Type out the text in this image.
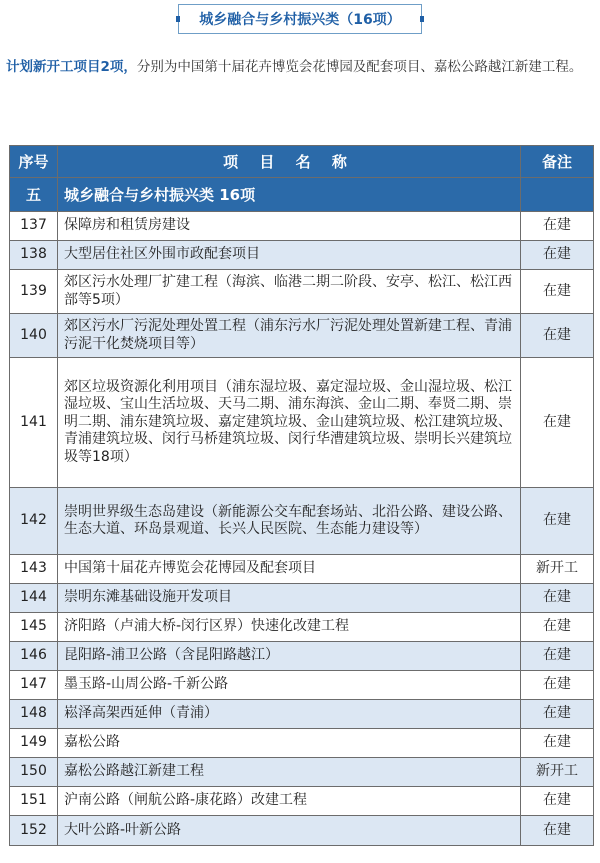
城乡融合与乡村振兴类（16项）
计划新开工项目2项，分别为中国第十届花卉博览会花博园及配套项目、嘉松公路越江新建工程。
序号	项 目 名 称	备注
五	城乡融合与乡村振兴类 16项	
137	保障房和租赁房建设	在建
138	大型居住社区外围市政配套项目	在建
139	郊区污水处理厂扩建工程（海滨、临港二期二阶段、安亭、松江、松江西部等5项）	在建
140	郊区污水厂污泥处理处置工程（浦东污水厂污泥处理处置新建工程、青浦污泥干化焚烧项目等）	在建
141	郊区垃圾资源化利用项目（浦东湿垃圾、嘉定湿垃圾、金山湿垃圾、松江湿垃圾、宝山生活垃圾、天马二期、浦东海滨、金山二期、奉贤二期、崇明二期、浦东建筑垃圾、嘉定建筑垃圾、金山建筑垃圾、松江建筑垃圾、青浦建筑垃圾、闵行马桥建筑垃圾、闵行华漕建筑垃圾、崇明长兴建筑垃圾等18项）	在建
142	崇明世界级生态岛建设（新能源公交车配套场站、北沿公路、建设公路、生态大道、环岛景观道、长兴人民医院、生态能力建设等）	在建
143	中国第十届花卉博览会花博园及配套项目	新开工
144	崇明东滩基础设施开发项目	在建
145	济阳路（卢浦大桥-闵行区界）快速化改建工程	在建
146	昆阳路-浦卫公路（含昆阳路越江）	在建
147	墨玉路-山周公路-千新公路	在建
148	崧泽高架西延伸（青浦）	在建
149	嘉松公路	在建
150	嘉松公路越江新建工程	新开工
151	沪南公路（闸航公路-康花路）改建工程	在建
152	大叶公路-叶新公路	在建
